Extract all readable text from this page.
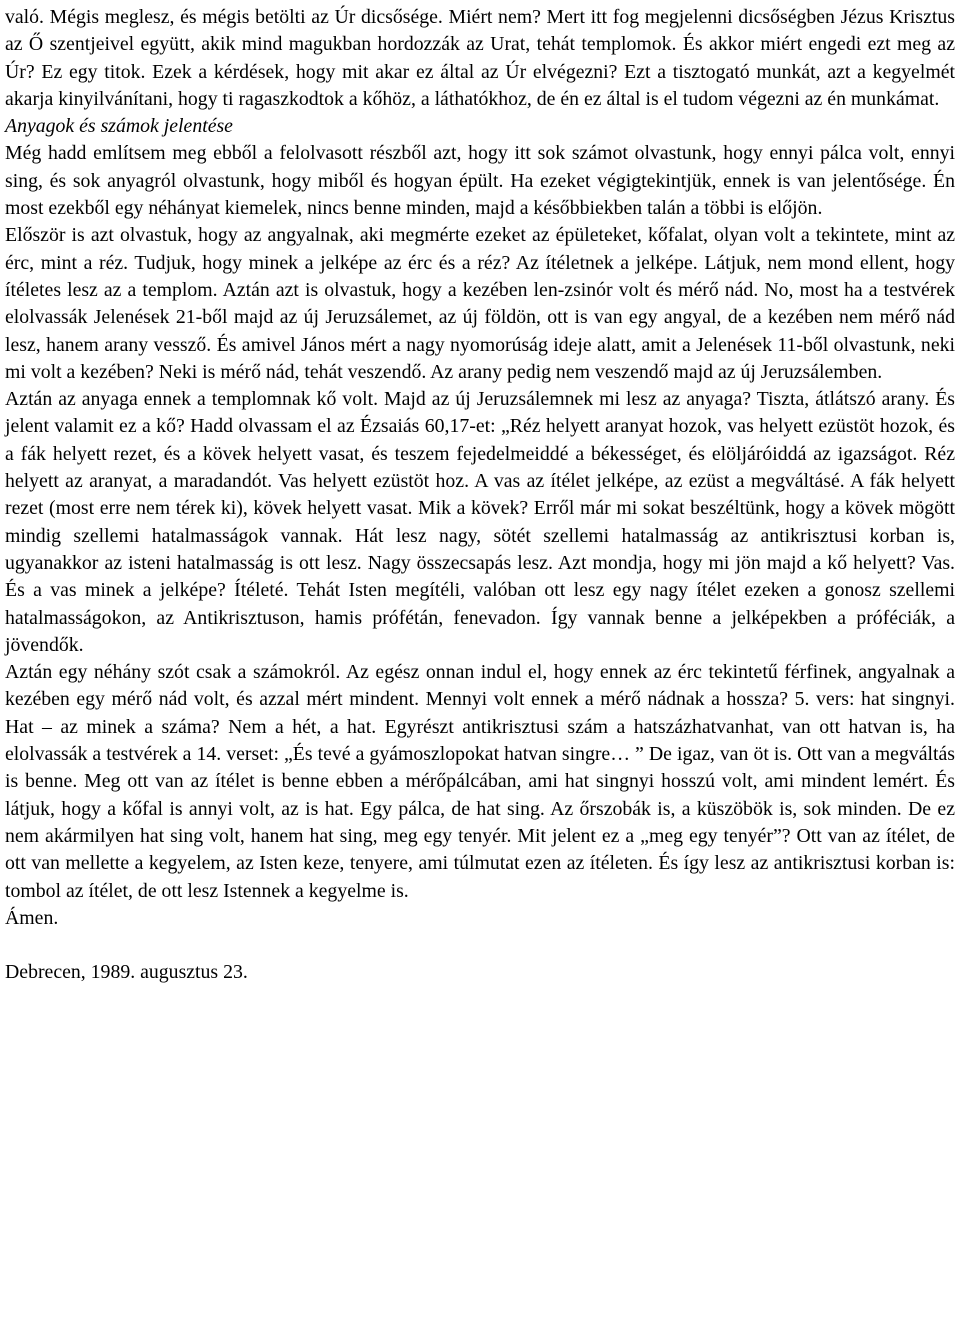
való. Mégis meglesz, és mégis betölti az Úr dicsősége. Miért nem? Mert itt fog megjelenni dicsőségben Jézus Krisztus az Ő szentjeivel együtt, akik mind magukban hordozzák az Urat, tehát templomok. És akkor miért engedi ezt meg az Úr? Ez egy titok. Ezek a kérdések, hogy mit akar ez által az Úr elvégezni? Ezt a tisztogató munkát, azt a kegyelmét akarja kinyilvánítani, hogy ti ragaszkodtok a kőhöz, a láthatókhoz, de én ez által is el tudom végezni az én munkámat.

Anyagok és számok jelentése

Még hadd említsem meg ebből a felolvasott részből azt, hogy itt sok számot olvastunk, hogy ennyi pálca volt, ennyi sing, és sok anyagról olvastunk, hogy miből és hogyan épült. Ha ezeket végigtekintjük, ennek is van jelentősége. Én most ezekből egy néhányat kiemelek, nincs benne minden, majd a későbbiekben talán a többi is előjön.

Először is azt olvastuk, hogy az angyalnak, aki megmérte ezeket az épületeket, kőfalat, olyan volt a tekintete, mint az érc, mint a réz. Tudjuk, hogy minek a jelképe az érc és a réz? Az ítéletnek a jelképe. Látjuk, nem mond ellent, hogy ítéletes lesz az a templom. Aztán azt is olvastuk, hogy a kezében len-zsinór volt és mérő nád. No, most ha a testvérek elolvassák Jelenések 21-ből majd az új Jeruzsálemet, az új földön, ott is van egy angyal, de a kezében nem mérő nád lesz, hanem arany vessző. És amivel János mért a nagy nyomorúság ideje alatt, amit a Jelenések 11-ből olvastunk, neki mi volt a kezében? Neki is mérő nád, tehát veszendő. Az arany pedig nem veszendő majd az új Jeruzsálemben.

Aztán az anyaga ennek a templomnak kő volt. Majd az új Jeruzsálemnek mi lesz az anyaga? Tiszta, átlátszó arany. És jelent valamit ez a kő? Hadd olvassam el az Ézsaiás 60,17-et: „Réz helyett aranyat hozok, vas helyett ezüstöt hozok, és a fák helyett rezet, és a kövek helyett vasat, és teszem fejedelmeiddé a békességet, és elöljáróiddá az igazságot. Réz helyett az aranyat, a maradandót. Vas helyett ezüstöt hoz. A vas az ítélet jelképe, az ezüst a megváltásé. A fák helyett rezet (most erre nem térek ki), kövek helyett vasat. Mik a kövek? Erről már mi sokat beszéltünk, hogy a kövek mögött mindig szellemi hatalmasságok vannak. Hát lesz nagy, sötét szellemi hatalmasság az antikrisztusi korban is, ugyanakkor az isteni hatalmasság is ott lesz. Nagy összecsapás lesz. Azt mondja, hogy mi jön majd a kő helyett? Vas. És a vas minek a jelképe? Ítéleté. Tehát Isten megítéli, valóban ott lesz egy nagy ítélet ezeken a gonosz szellemi hatalmasságokon, az Antikrisztuson, hamis prófétán, fenevadon. Így vannak benne a jelképekben a próféciák, a jövendők.

Aztán egy néhány szót csak a számokról. Az egész onnan indul el, hogy ennek az érc tekintetű férfinek, angyalnak a kezében egy mérő nád volt, és azzal mért mindent. Mennyi volt ennek a mérő nádnak a hossza? 5. vers: hat singnyi. Hat – az minek a száma? Nem a hét, a hat. Egyrészt antikrisztusi szám a hatszázhatvanhat, van ott hatvan is, ha elolvassák a testvérek a 14. verset: „És tevé a gyámoszlopokat hatvan singre… ” De igaz, van öt is. Ott van a megváltás is benne. Meg ott van az ítélet is benne ebben a mérőpálcában, ami hat singnyi hosszú volt, ami mindent lemért. És látjuk, hogy a kőfal is annyi volt, az is hat. Egy pálca, de hat sing. Az őrszobák is, a küszöbök is, sok minden. De ez nem akármilyen hat sing volt, hanem hat sing, meg egy tenyér. Mit jelent ez a „meg egy tenyér”? Ott van az ítélet, de ott van mellette a kegyelem, az Isten keze, tenyere, ami túlmutat ezen az ítéleten. És így lesz az antikrisztusi korban is: tombol az ítélet, de ott lesz Istennek a kegyelme is.

Ámen.

Debrecen, 1989. augusztus 23.
